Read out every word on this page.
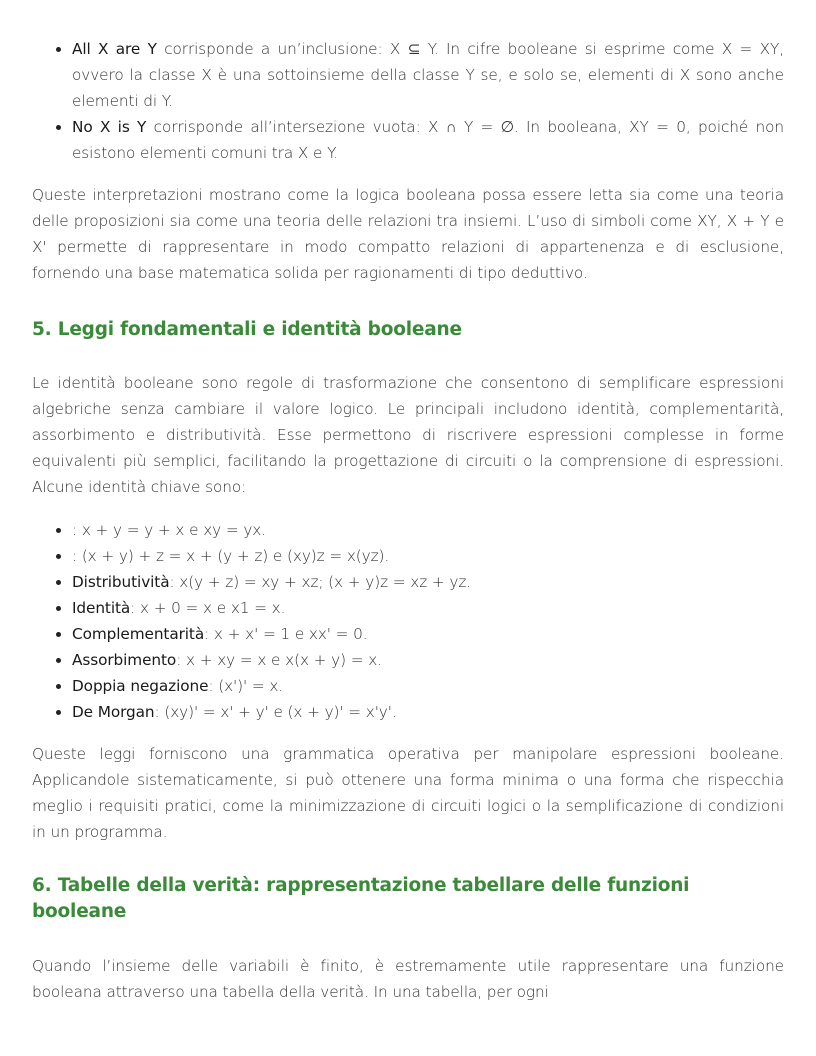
• All X are Y corrisponde a un’inclusione: X ⊆ Y. In cifre booleane si esprime come X = XY, ovvero la classe X è una sottoinsieme della classe Y se, e solo se, elementi di X sono anche elementi di Y.
• No X is Y corrisponde all’intersezione vuota: X ∩ Y = ∅. In booleana, XY = 0, poiché non esistono elementi comuni tra X e Y.

Queste interpretazioni mostrano come la logica booleana possa essere letta sia come una teoria delle proposizioni sia come una teoria delle relazioni tra insiemi. L’uso di simboli come XY, X + Y e X' permette di rappresentare in modo compatto relazioni di appartenenza e di esclusione, fornendo una base matematica solida per ragionamenti di tipo deduttivo.

5. Leggi fondamentali e identità booleane

Le identità booleane sono regole di trasformazione che consentono di semplificare espressioni algebriche senza cambiare il valore logico. Le principali includono identità, complementarità, assorbimento e distributività. Esse permettono di riscrivere espressioni complesse in forme equivalenti più semplici, facilitando la progettazione di circuiti o la comprensione di espressioni. Alcune identità chiave sono:

• : x + y = y + x e xy = yx.
• : (x + y) + z = x + (y + z) e (xy)z = x(yz).
• Distributività: x(y + z) = xy + xz; (x + y)z = xz + yz.
• Identità: x + 0 = x e x1 = x.
• Complementarità: x + x' = 1 e xx' = 0.
• Assorbimento: x + xy = x e x(x + y) = x.
• Doppia negazione: (x')' = x.
• De Morgan: (xy)' = x' + y' e (x + y)' = x'y'.

Queste leggi forniscono una grammatica operativa per manipolare espressioni booleane. Applicandole sistematicamente, si può ottenere una forma minima o una forma che rispecchia meglio i requisiti pratici, come la minimizzazione di circuiti logici o la semplificazione di condizioni in un programma.

6. Tabelle della verità: rappresentazione tabellare delle funzioni booleane

Quando l’insieme delle variabili è finito, è estremamente utile rappresentare una funzione booleana attraverso una tabella della verità. In una tabella, per ogni
